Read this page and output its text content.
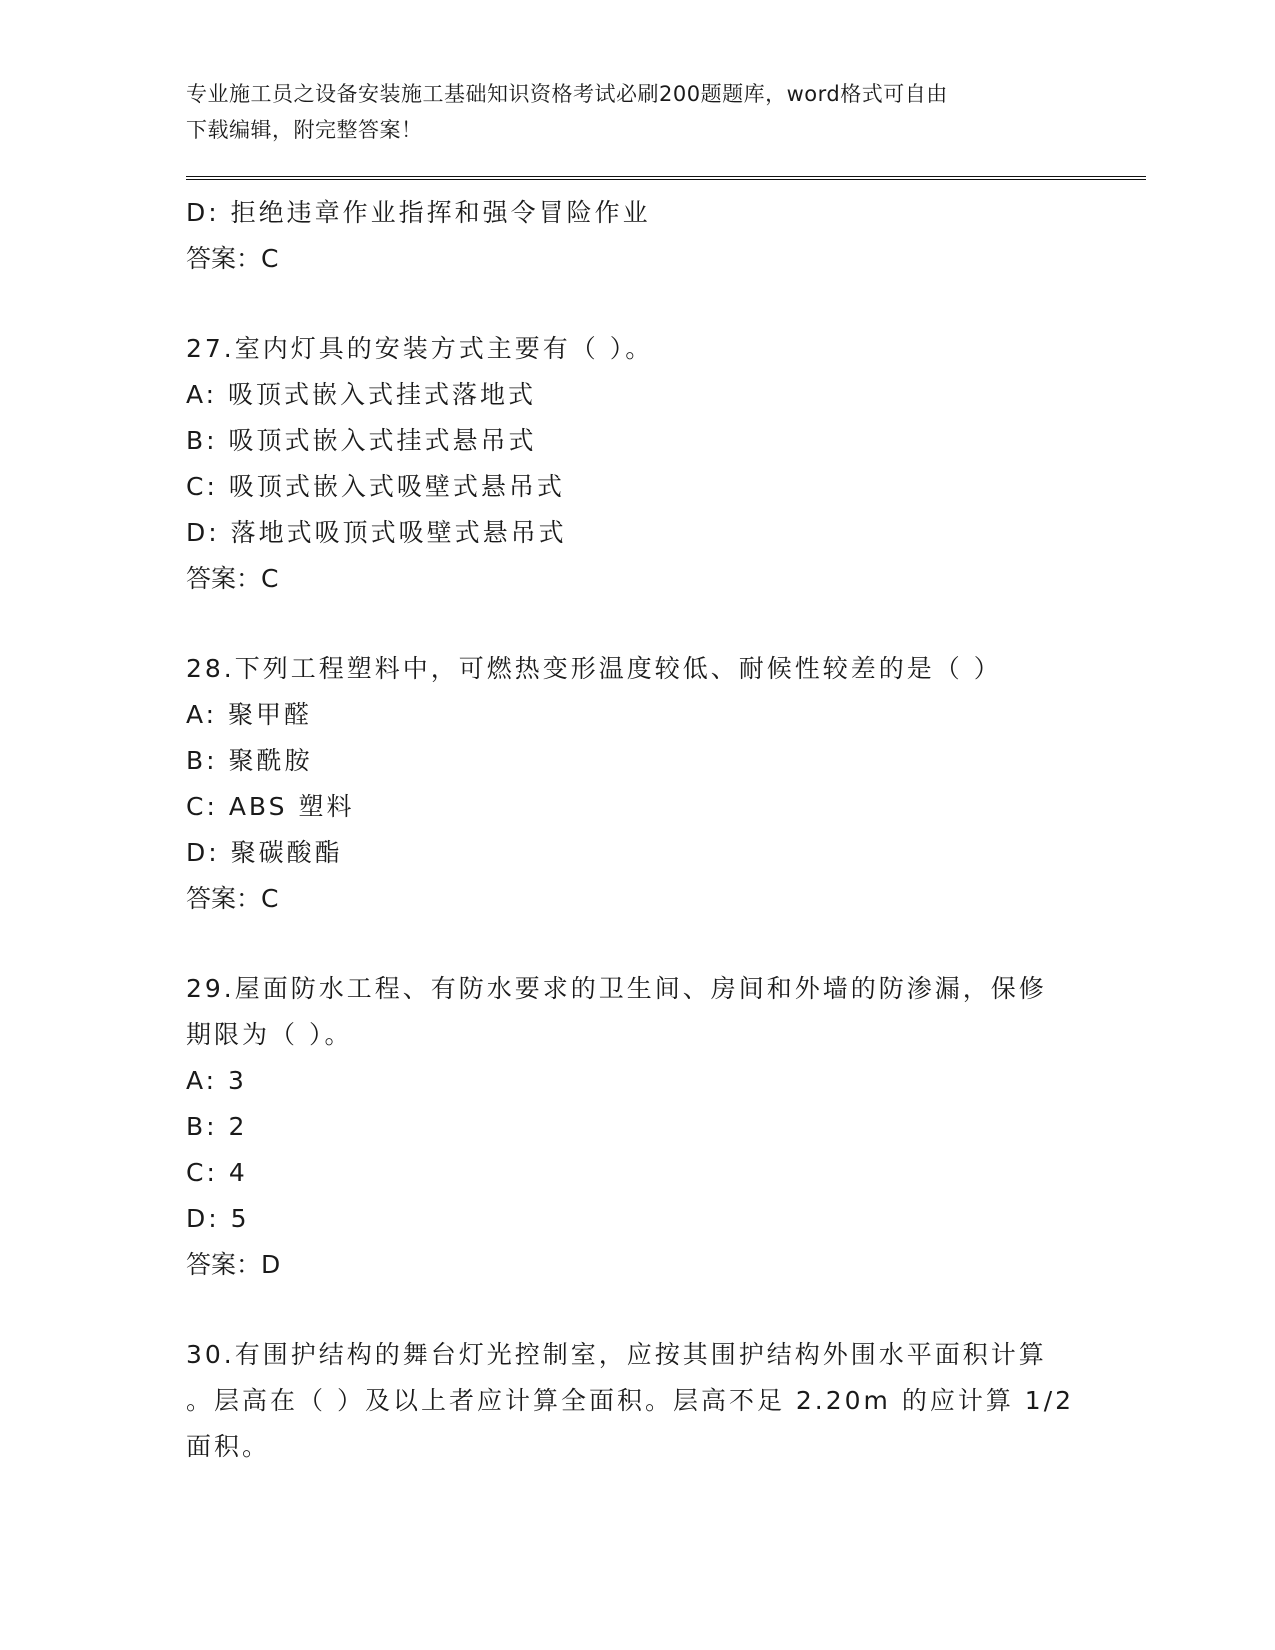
专业施工员之设备安装施工基础知识资格考试必刷200题题库，word格式可自由
下载编辑，附完整答案！
D: 拒绝违章作业指挥和强令冒险作业
答案：C
27.室内灯具的安装方式主要有（ ）。
A: 吸顶式嵌入式挂式落地式
B: 吸顶式嵌入式挂式悬吊式
C: 吸顶式嵌入式吸壁式悬吊式
D: 落地式吸顶式吸壁式悬吊式
答案：C
28.下列工程塑料中，可燃热变形温度较低、耐候性较差的是（ ）
A: 聚甲醛
B: 聚酰胺
C: ABS 塑料
D: 聚碳酸酯
答案：C
29.屋面防水工程、有防水要求的卫生间、房间和外墙的防渗漏，保修
期限为（ ）。
A: 3
B: 2
C: 4
D: 5
答案：D
30.有围护结构的舞台灯光控制室，应按其围护结构外围水平面积计算
。层高在（ ）及以上者应计算全面积。层高不足 2.20m 的应计算 1/2
面积。
